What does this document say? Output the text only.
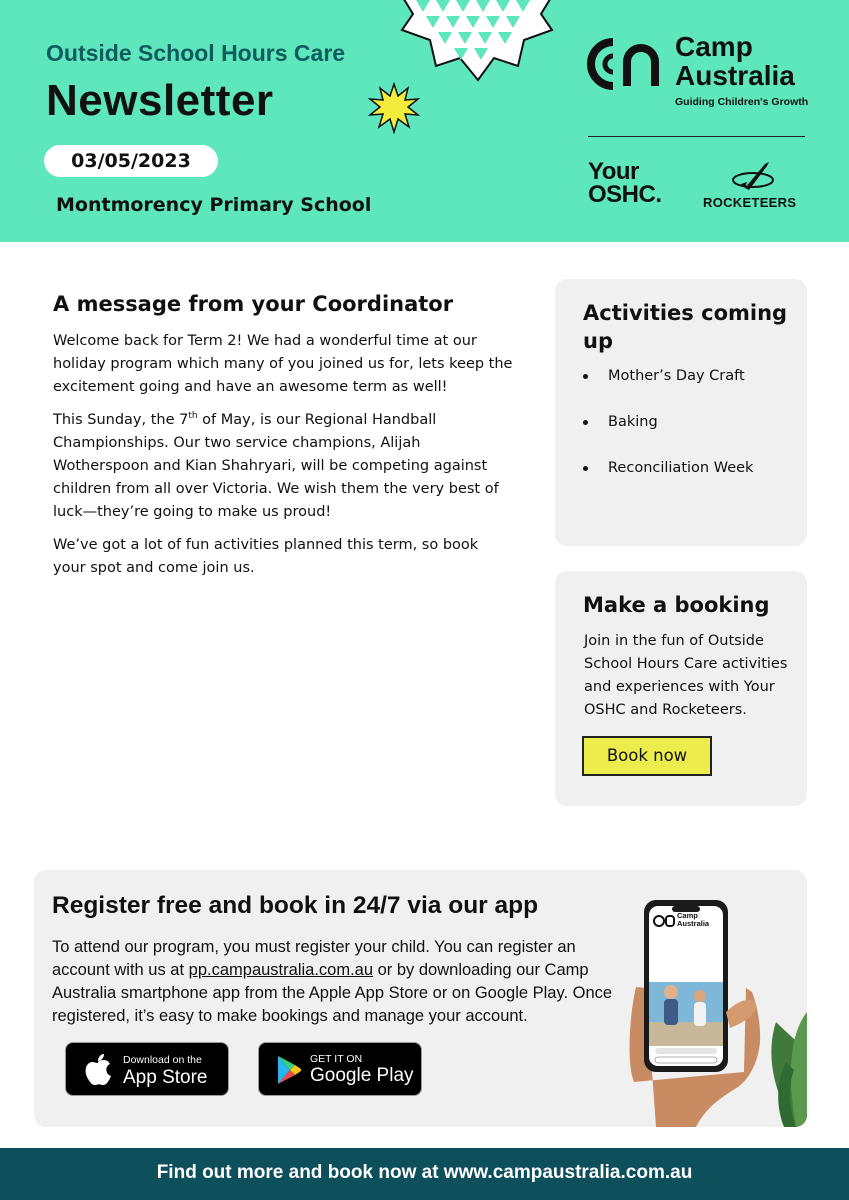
Outside School Hours Care
Newsletter
03/05/2023
Montmorency Primary School
Camp
Australia
Guiding Children's Growth
Your
OSHC.	ROCKETEERS
A message from your Coordinator

Welcome back for Term 2! We had a wonderful time at our holiday program which many of you joined us for, lets keep the excitement going and have an awesome term as well!

This Sunday, the 7th of May, is our Regional Handball Championships. Our two service champions, Alijah Wotherspoon and Kian Shahryari, will be competing against children from all over Victoria. We wish them the very best of luck—they’re going to make us proud!

We’ve got a lot of fun activities planned this term, so book your spot and come join us.

Activities coming up
Mother’s Day Craft
Baking
Reconciliation Week
Make a booking

Join in the fun of Outside School Hours Care activities and experiences with Your OSHC and Rocketeers.

Book now
Register free and book in 24/7 via our app
To attend our program, you must register your child. You can register an account with us at pp.campaustralia.com.au or by downloading our Camp Australia smartphone app from the Apple App Store or on Google Play. Once registered, it’s easy to make bookings and manage your account.
Download on the
App Store
GET IT ON
Google Play
Camp
Australia
Find out more and book now at www.campaustralia.com.au
